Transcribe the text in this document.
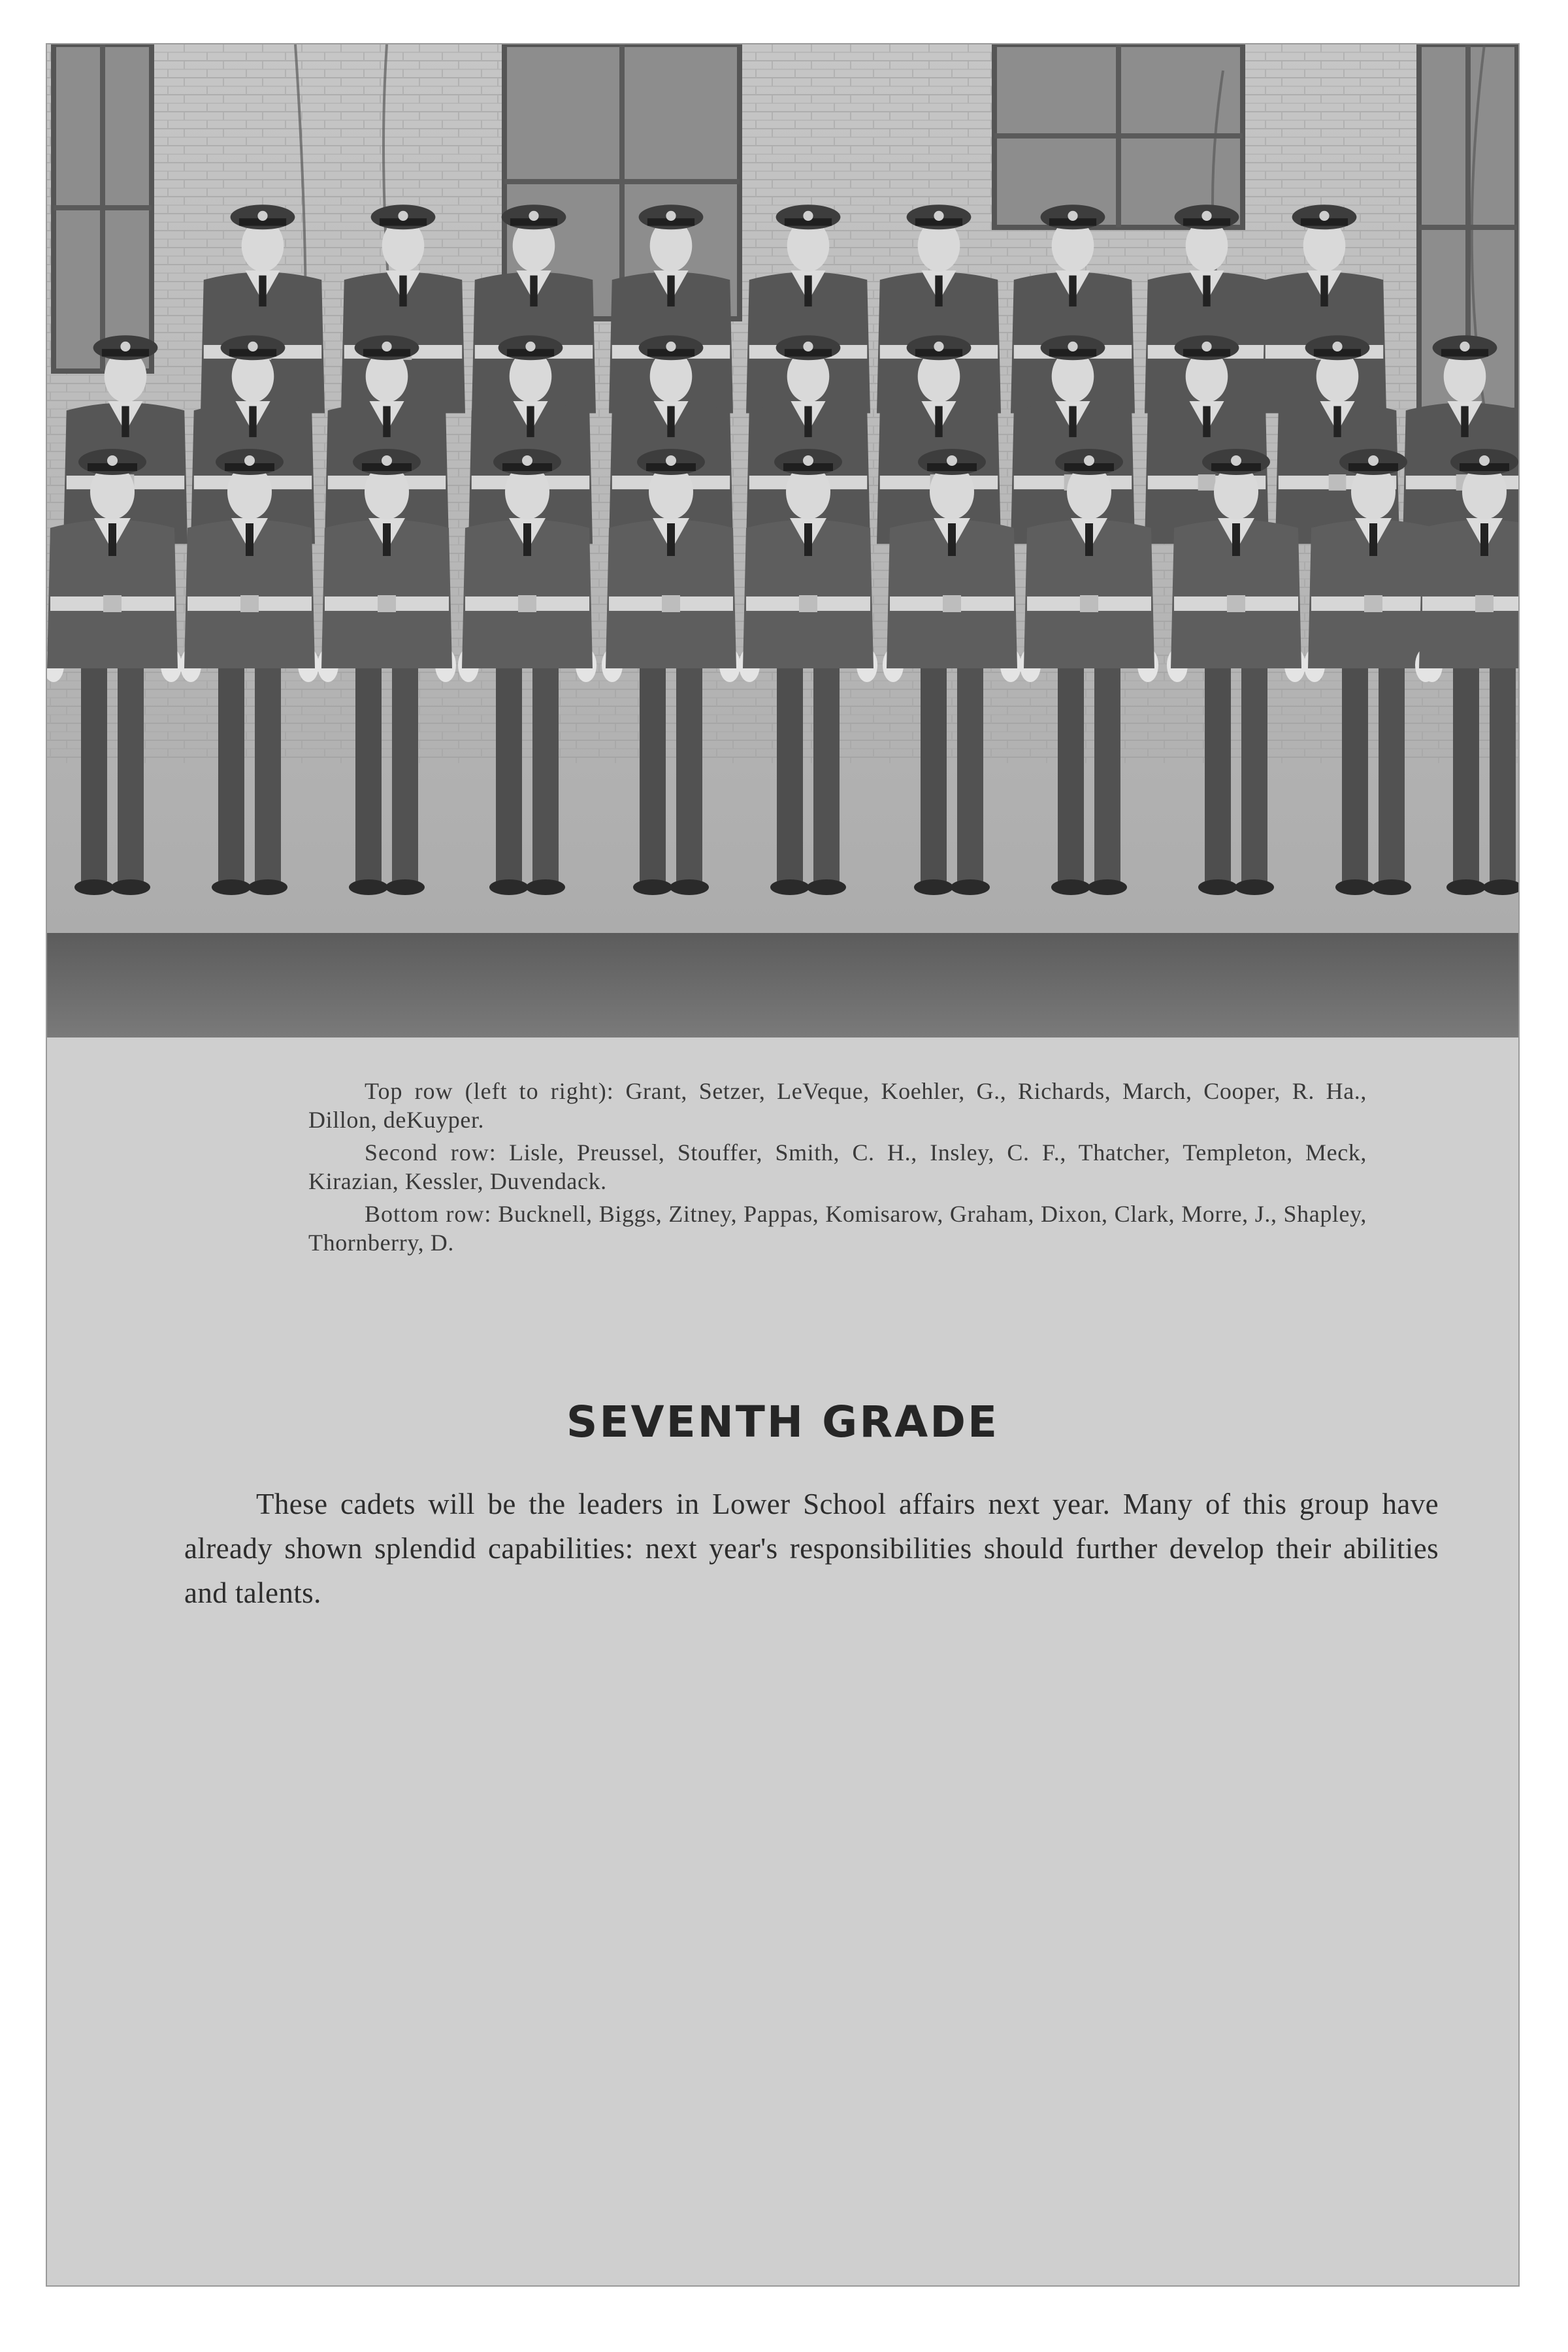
Top row (left to right): Grant, Setzer, LeVeque, Koehler, G., Richards, March, Cooper, R. Ha., Dillon, deKuyper.

Second row: Lisle, Preussel, Stouffer, Smith, C. H., Insley, C. F., Thatcher, Templeton, Meck, Kirazian, Kessler, Duvendack.

Bottom row: Bucknell, Biggs, Zitney, Pappas, Komisarow, Graham, Dixon, Clark, Morre, J., Shapley, Thornberry, D.

SEVENTH GRADE

These cadets will be the leaders in Lower School affairs next year. Many of this group have already shown splendid capabilities: next year's responsibilities should further develop their abilities and talents.
